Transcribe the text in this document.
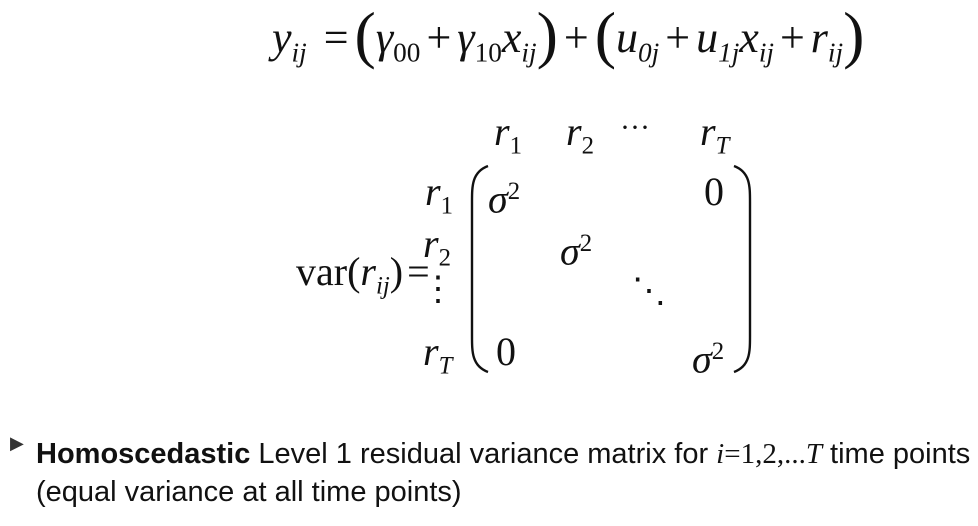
$y_{ij} =(\gamma_{00} + \gamma_{10}x_{ij}) +(u_{0j} + u_{1j}x_{ij} + r_{ij})$
$r_1$ $r_2$
··· $r_T$
$r_1$
$r_2$
⋮
$r_T$
$var(r_{ij})$ =
$\sigma^2$	0
$\sigma^2$
⋱
0	$\sigma^2$
▶ Homoscedastic Level 1 residual variance matrix for i=1,2,...T time points (equal variance at all time points)
